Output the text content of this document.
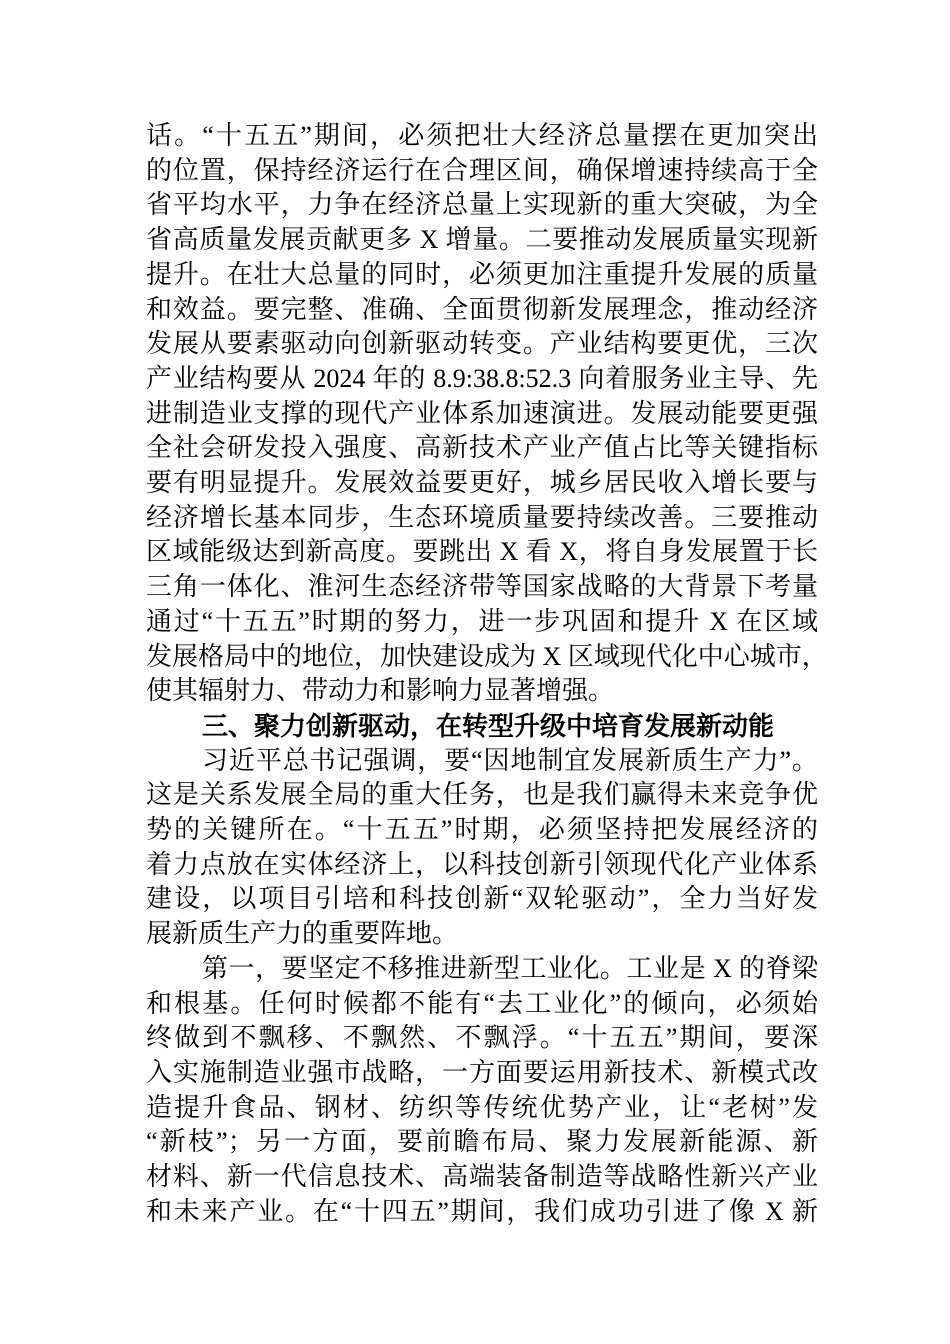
话。“十五五”期间，必须把壮大经济总量摆在更加突出
的位置，保持经济运行在合理区间，确保增速持续高于全
省平均水平，力争在经济总量上实现新的重大突破，为全
省高质量发展贡献更多 X 增量。二要推动发展质量实现新
提升。在壮大总量的同时，必须更加注重提升发展的质量
和效益。要完整、准确、全面贯彻新发展理念，推动经济
发展从要素驱动向创新驱动转变。产业结构要更优，三次
产业结构要从 2024 年的 8.9:38.8:52.3 向着服务业主导、先
进制造业支撑的现代产业体系加速演进。发展动能要更强
全社会研发投入强度、高新技术产业产值占比等关键指标
要有明显提升。发展效益要更好，城乡居民收入增长要与
经济增长基本同步，生态环境质量要持续改善。三要推动
区域能级达到新高度。要跳出 X 看 X，将自身发展置于长
三角一体化、淮河生态经济带等国家战略的大背景下考量
通过“十五五”时期的努力，进一步巩固和提升 X 在区域
发展格局中的地位，加快建设成为 X 区域现代化中心城市，
使其辐射力、带动力和影响力显著增强。
三、聚力创新驱动，在转型升级中培育发展新动能
习近平总书记强调，要“因地制宜发展新质生产力”。
这是关系发展全局的重大任务，也是我们赢得未来竞争优
势的关键所在。“十五五”时期，必须坚持把发展经济的
着力点放在实体经济上，以科技创新引领现代化产业体系
建设，以项目引培和科技创新“双轮驱动”，全力当好发
展新质生产力的重要阵地。
第一，要坚定不移推进新型工业化。工业是 X 的脊梁
和根基。任何时候都不能有“去工业化”的倾向，必须始
终做到不飘移、不飘然、不飘浮。“十五五”期间，要深
入实施制造业强市战略，一方面要运用新技术、新模式改
造提升食品、钢材、纺织等传统优势产业，让“老树”发
“新枝”；另一方面，要前瞻布局、聚力发展新能源、新
材料、新一代信息技术、高端装备制造等战略性新兴产业
和未来产业。在“十四五”期间，我们成功引进了像 X 新
